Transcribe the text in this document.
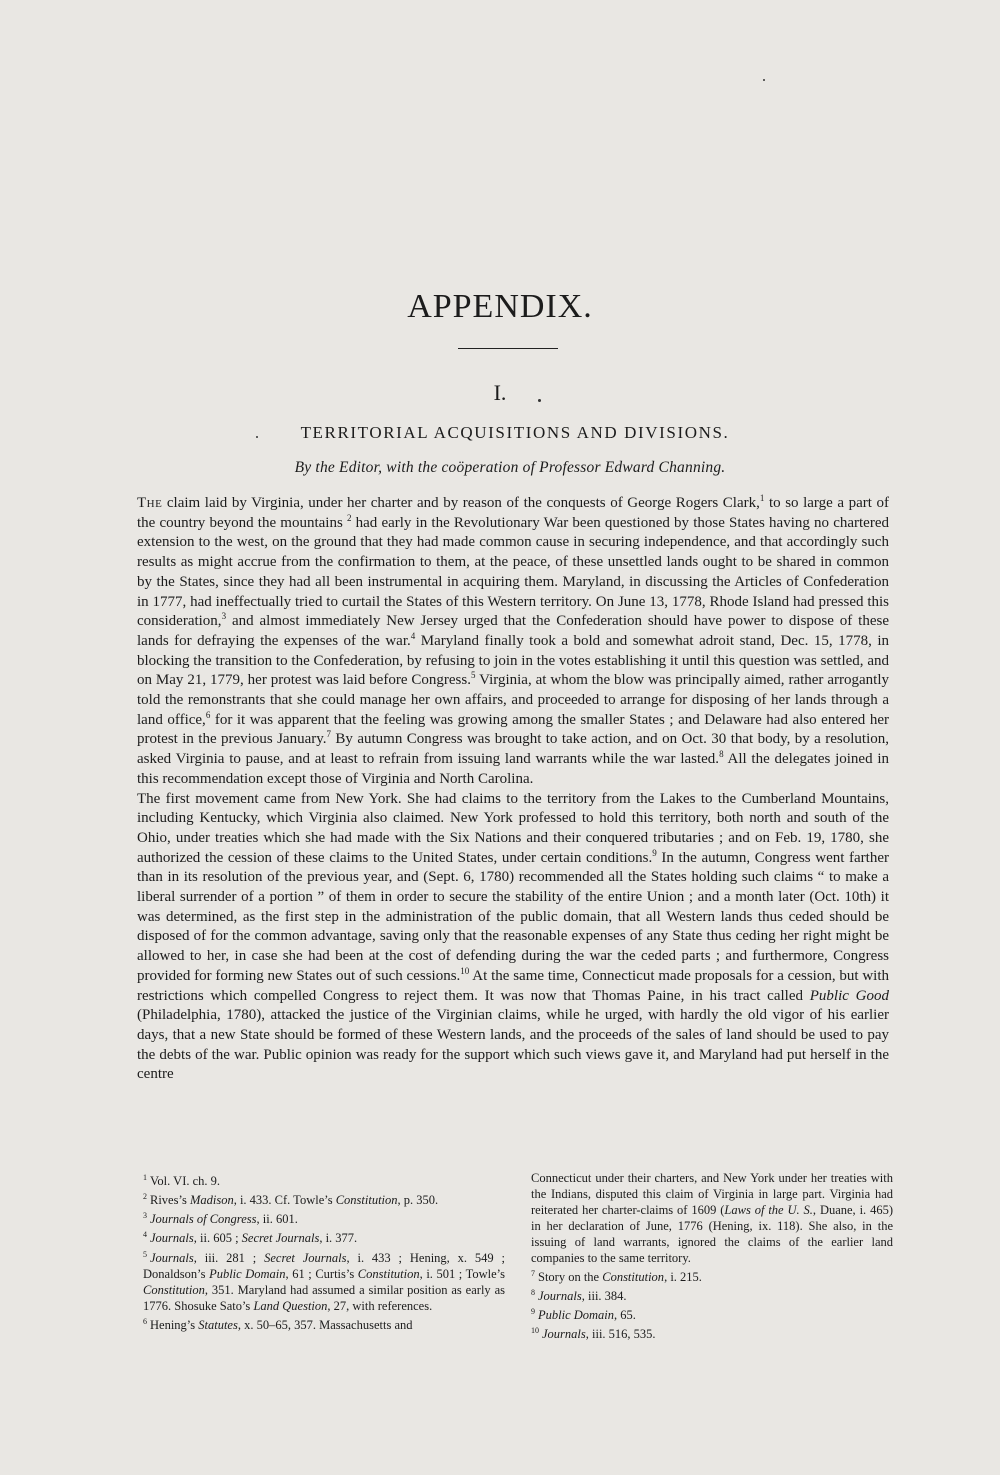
APPENDIX.
I.
TERRITORIAL ACQUISITIONS AND DIVISIONS.
By the Editor, with the coöperation of Professor Edward Channing.

The claim laid by Virginia, under her charter and by reason of the conquests of George Rogers Clark,$^1$ to so large a part of the country beyond the mountains $^2$ had early in the Revolutionary War been questioned by those States having no chartered extension to the west, on the ground that they had made common cause in securing independence, and that accordingly such results as might accrue from the confirmation to them, at the peace, of these unsettled lands ought to be shared in common by the States, since they had all been instrumental in acquiring them. Maryland, in discussing the Articles of Confederation in 1777, had ineffectually tried to curtail the States of this Western territory. On June 13, 1778, Rhode Island had pressed this consideration,$^3$ and almost immediately New Jersey urged that the Confederation should have power to dispose of these lands for defraying the expenses of the war.$^4$ Maryland finally took a bold and somewhat adroit stand, Dec. 15, 1778, in blocking the transition to the Confederation, by refusing to join in the votes establishing it until this question was settled, and on May 21, 1779, her protest was laid before Congress.$^5$ Virginia, at whom the blow was principally aimed, rather arrogantly told the remonstrants that she could manage her own affairs, and proceeded to arrange for disposing of her lands through a land office,$^6$ for it was apparent that the feeling was growing among the smaller States ; and Delaware had also entered her protest in the previous January.$^7$ By autumn Congress was brought to take action, and on Oct. 30 that body, by a resolution, asked Virginia to pause, and at least to refrain from issuing land warrants while the war lasted.$^8$ All the delegates joined in this recommendation except those of Virginia and North Carolina.

The first movement came from New York. She had claims to the territory from the Lakes to the Cumberland Mountains, including Kentucky, which Virginia also claimed. New York professed to hold this territory, both north and south of the Ohio, under treaties which she had made with the Six Nations and their conquered tributaries ; and on Feb. 19, 1780, she authorized the cession of these claims to the United States, under certain conditions.$^9$ In the autumn, Congress went farther than in its resolution of the previous year, and (Sept. 6, 1780) recommended all the States holding such claims “ to make a liberal surrender of a portion ” of them in order to secure the stability of the entire Union ; and a month later (Oct. 10th) it was determined, as the first step in the administration of the public domain, that all Western lands thus ceded should be disposed of for the common advantage, saving only that the reasonable expenses of any State thus ceding her right might be allowed to her, in case she had been at the cost of defending during the war the ceded parts ; and furthermore, Congress provided for forming new States out of such cessions.$^{10}$ At the same time, Connecticut made proposals for a cession, but with restrictions which compelled Congress to reject them. It was now that Thomas Paine, in his tract called Public Good (Philadelphia, 1780), attacked the justice of the Virginian claims, while he urged, with hardly the old vigor of his earlier days, that a new State should be formed of these Western lands, and the proceeds of the sales of land should be used to pay the debts of the war. Public opinion was ready for the support which such views gave it, and Maryland had put herself in the centre

$^1$ Vol. VI. ch. 9.

$^2$ Rives’s Madison, i. 433. Cf. Towle’s Constitution, p. 350.

$^3$ Journals of Congress, ii. 601.

$^4$ Journals, ii. 605 ; Secret Journals, i. 377.

$^5$ Journals, iii. 281 ; Secret Journals, i. 433 ; Hening, x. 549 ; Donaldson’s Public Domain, 61 ; Curtis’s Constitution, i. 501 ; Towle’s Constitution, 351. Maryland had assumed a similar position as early as 1776. Shosuke Sato’s Land Question, 27, with references.

$^6$ Hening’s Statutes, x. 50–65, 357. Massachusetts and

Connecticut under their charters, and New York under her treaties with the Indians, disputed this claim of Virginia in large part. Virginia had reiterated her charter-claims of 1609 (Laws of the U. S., Duane, i. 465) in her declaration of June, 1776 (Hening, ix. 118). She also, in the issuing of land warrants, ignored the claims of the earlier land companies to the same territory.

$^7$ Story on the Constitution, i. 215.

$^8$ Journals, iii. 384.

$^9$ Public Domain, 65.

$^{10}$ Journals, iii. 516, 535.
